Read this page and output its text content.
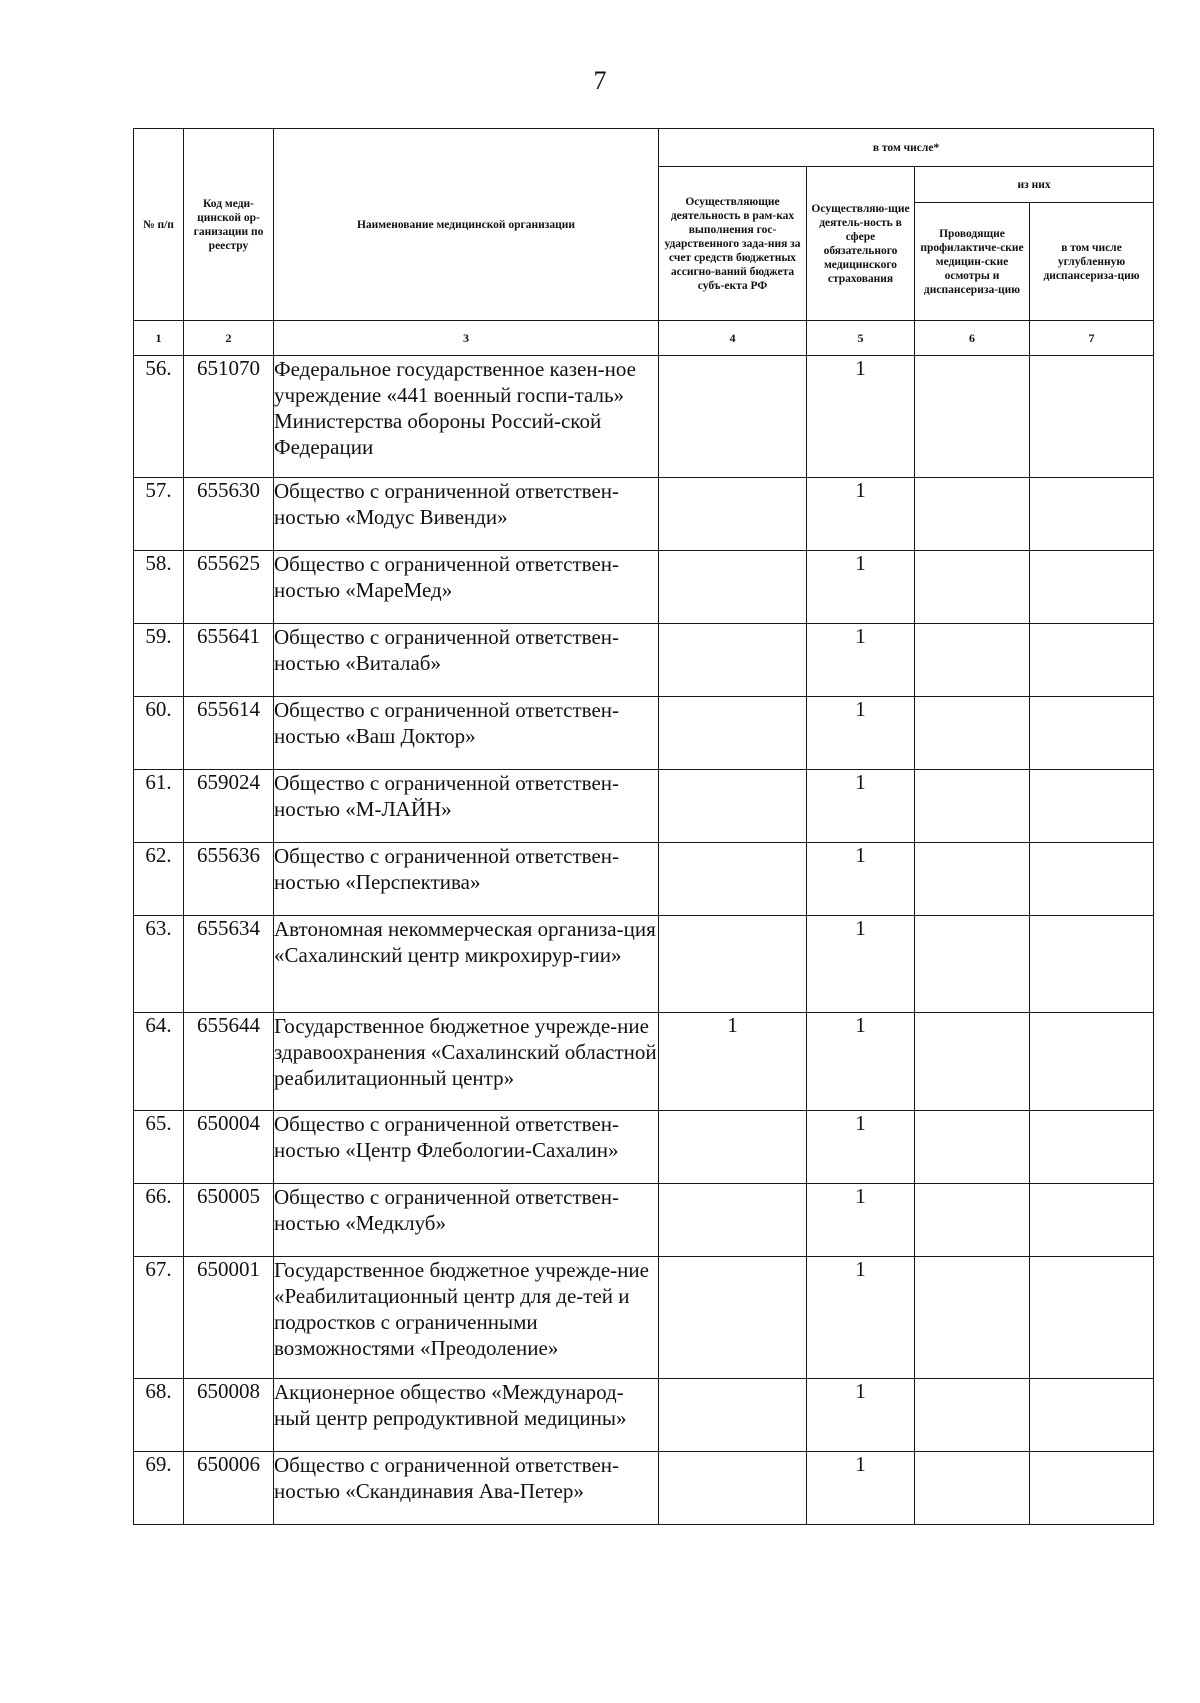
7
№ п/п	Код меди-цинской ор-ганизации по реестру	Наименование медицинской организации	в том числе*			

			Осуществляющие деятельность в рам-ках выполнения гос-ударственного зада-ния за счет средств бюджетных ассигно-ваний бюджета субъ-екта РФ	Осуществляю-щие деятель-ность в сфере обязательного медицинского страхования	из них	

					Проводящие профилактиче-ские медицин-ские осмотры и диспансериза-цию	в том числе углубленную диспансериза-цию

1	2	3	4	5	6	7
56.	651070	Федеральное государственное казен-ное учреждение «441 военный госпи-таль» Министерства обороны Россий-ской Федерации		1		
57.	655630	Общество с ограниченной ответствен-ностью «Модус Вивенди»		1		
58.	655625	Общество с ограниченной ответствен-ностью «МареМед»		1		
59.	655641	Общество с ограниченной ответствен-ностью «Виталаб»		1		
60.	655614	Общество с ограниченной ответствен-ностью «Ваш Доктор»		1		
61.	659024	Общество с ограниченной ответствен-ностью «М-ЛАЙН»		1		
62.	655636	Общество с ограниченной ответствен-ностью «Перспектива»		1		
63.	655634	Автономная некоммерческая организа-ция «Сахалинский центр микрохирур-гии»		1		
64.	655644	Государственное бюджетное учрежде-ние здравоохранения «Сахалинский областной реабилитационный центр»	1	1		
65.	650004	Общество с ограниченной ответствен-ностью «Центр Флебологии-Сахалин»		1		
66.	650005	Общество с ограниченной ответствен-ностью «Медклуб»		1		
67.	650001	Государственное бюджетное учрежде-ние «Реабилитационный центр для де-тей и подростков с ограниченными возможностями «Преодоление»		1		
68.	650008	Акционерное общество «Международ-ный центр репродуктивной медицины»		1		
69.	650006	Общество с ограниченной ответствен-ностью «Скандинавия Ава-Петер»		1		
